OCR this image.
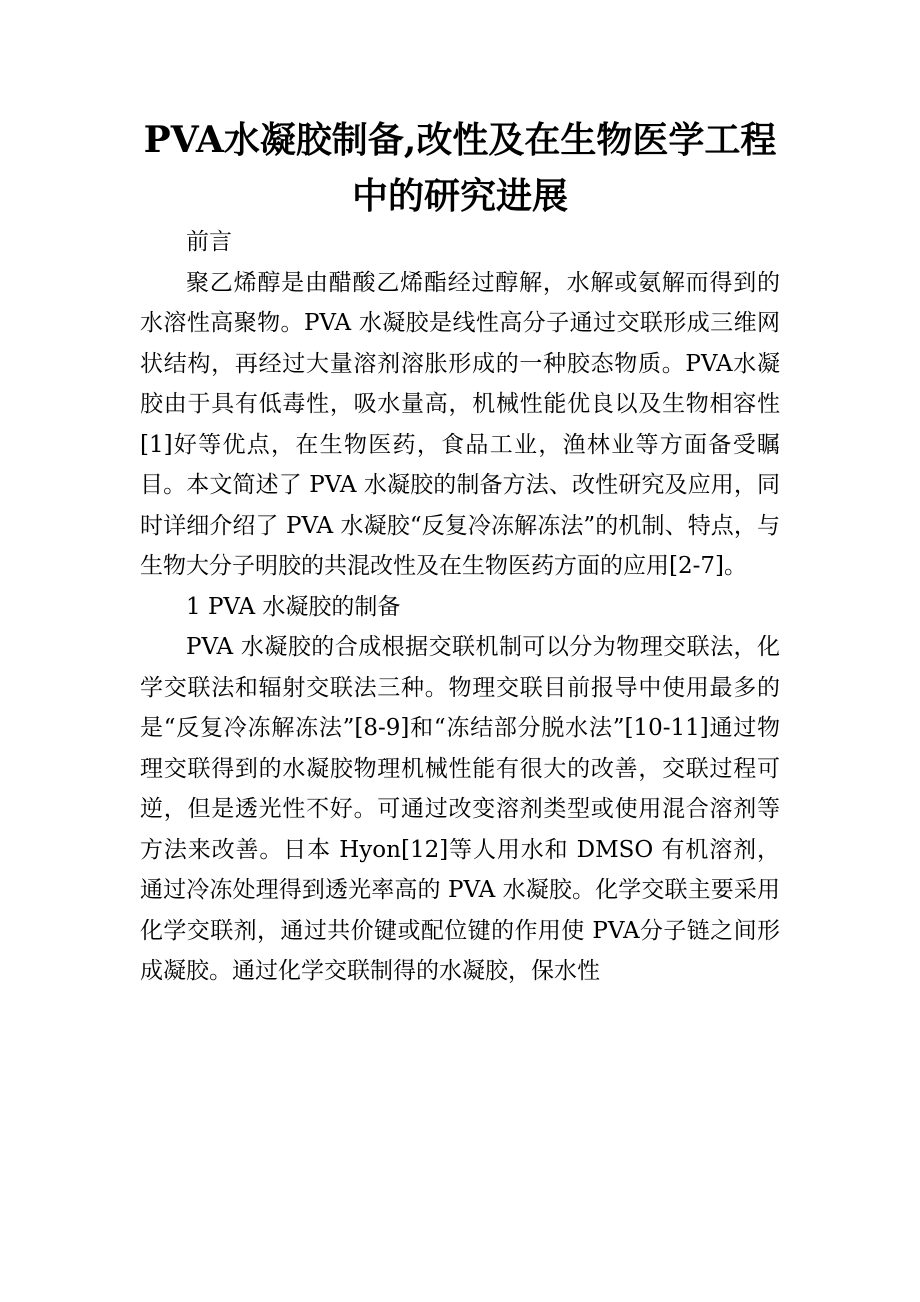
PVA水凝胶制备,改性及在生物医学工程
中的研究进展

前言

聚乙烯醇是由醋酸乙烯酯经过醇解，水解或氨解而得到的水溶性高聚物。PVA 水凝胶是线性高分子通过交联形成三维网状结构，再经过大量溶剂溶胀形成的一种胶态物质。PVA水凝胶由于具有低毒性，吸水量高，机械性能优良以及生物相容性[1]好等优点，在生物医药，食品工业，渔林业等方面备受瞩目。本文简述了 PVA 水凝胶的制备方法、改性研究及应用，同时详细介绍了 PVA 水凝胶“反复冷冻解冻法”的机制、特点，与生物大分子明胶的共混改性及在生物医药方面的应用[2-7]。

1 PVA 水凝胶的制备

PVA 水凝胶的合成根据交联机制可以分为物理交联法，化学交联法和辐射交联法三种。物理交联目前报导中使用最多的是“反复冷冻解冻法”[8-9]和“冻结部分脱水法”[10-11]通过物理交联得到的水凝胶物理机械性能有很大的改善，交联过程可逆，但是透光性不好。可通过改变溶剂类型或使用混合溶剂等方法来改善。日本 Hyon[12]等人用水和 DMSO 有机溶剂，通过冷冻处理得到透光率高的 PVA 水凝胶。化学交联主要采用化学交联剂，通过共价键或配位键的作用使 PVA分子链之间形成凝胶。通过化学交联制得的水凝胶，保水性
